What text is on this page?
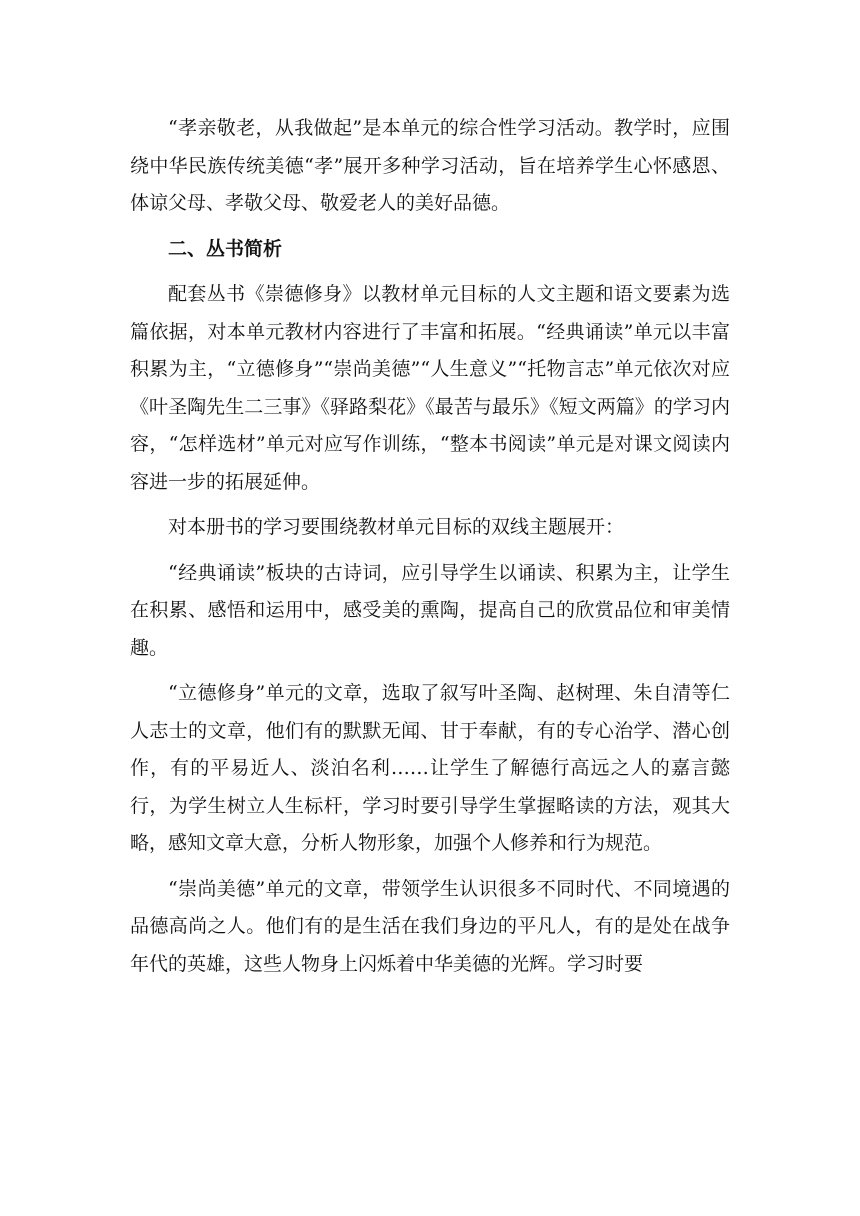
“孝亲敬老，从我做起”是本单元的综合性学习活动。教学时，应围绕中华民族传统美德“孝”展开多种学习活动，旨在培养学生心怀感恩、体谅父母、孝敬父母、敬爱老人的美好品德。

二、丛书简析

配套丛书《崇德修身》以教材单元目标的人文主题和语文要素为选篇依据，对本单元教材内容进行了丰富和拓展。“经典诵读”单元以丰富积累为主，“立德修身”“崇尚美德”“人生意义”“托物言志”单元依次对应《叶圣陶先生二三事》《驿路梨花》《最苦与最乐》《短文两篇》的学习内容，“怎样选材”单元对应写作训练，“整本书阅读”单元是对课文阅读内容进一步的拓展延伸。

对本册书的学习要围绕教材单元目标的双线主题展开：

“经典诵读”板块的古诗词，应引导学生以诵读、积累为主，让学生在积累、感悟和运用中，感受美的熏陶，提高自己的欣赏品位和审美情趣。

“立德修身”单元的文章，选取了叙写叶圣陶、赵树理、朱自清等仁人志士的文章，他们有的默默无闻、甘于奉献，有的专心治学、潜心创作，有的平易近人、淡泊名利……让学生了解德行高远之人的嘉言懿行，为学生树立人生标杆，学习时要引导学生掌握略读的方法，观其大略，感知文章大意，分析人物形象，加强个人修养和行为规范。

“崇尚美德”单元的文章，带领学生认识很多不同时代、不同境遇的品德高尚之人。他们有的是生活在我们身边的平凡人，有的是处在战争年代的英雄，这些人物身上闪烁着中华美德的光辉。学习时要
